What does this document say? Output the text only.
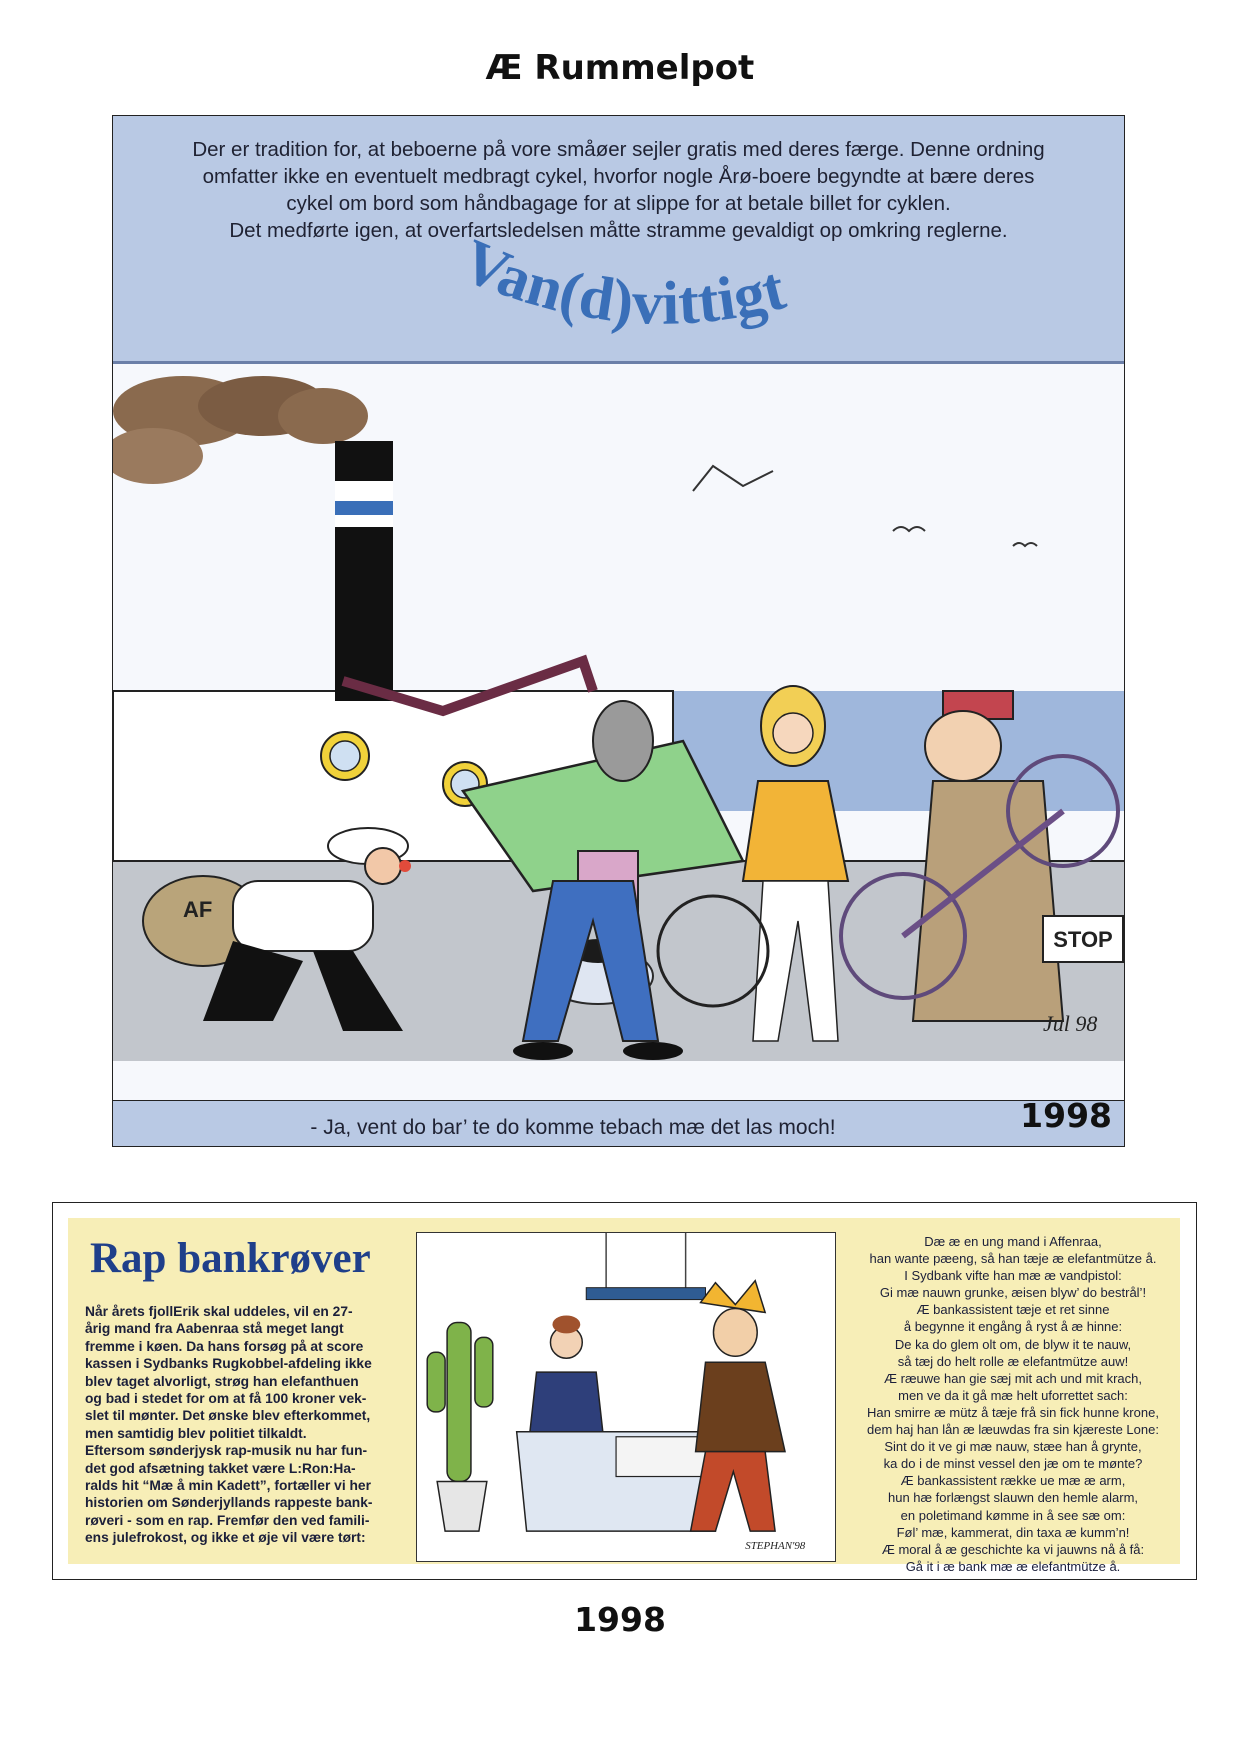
Æ Rummelpot
Der er tradition for, at beboerne på vore småøer sejler gratis med deres færge. Denne ordning
omfatter ikke en eventuelt medbragt cykel, hvorfor nogle Årø-boere begyndte at bære deres
cykel om bord som håndbagage for at slippe for at betale billet for cyklen.
Det medførte igen, at overfartsledelsen måtte stramme gevaldigt op omkring reglerne.
AF
STOP
Jul 98
Van(d)vittigt
- Ja, vent do bar’ te do komme tebach mæ det las moch!	1998
Rap bankrøver
Når årets fjollErik skal uddeles, vil en 27-
årig mand fra Aabenraa stå meget langt
fremme i køen. Da hans forsøg på at score
kassen i Sydbanks Rugkobbel-afdeling ikke
blev taget alvorligt, strøg han elefanthuen
og bad i stedet for om at få 100 kroner vek-
slet til mønter. Det ønske blev efterkommet,
men samtidig blev politiet tilkaldt.
Eftersom sønderjysk rap-musik nu har fun-
det god afsætning takket være L:Ron:Ha-
ralds hit “Mæ å min Kadett”, fortæller vi her
historien om Sønderjyllands rappeste bank-
røveri - som en rap. Fremfør den ved famili-
ens julefrokost, og ikke et øje vil være tørt:
STEPHAN'98
Dæ æ en ung mand i Affenraa,
han wante pæeng, så han tæje æ elefantmütze å.
I Sydbank vifte han mæ æ vandpistol:
Gi mæ nauwn grunke, æisen blyw’ do bestrål’!
Æ bankassistent tæje et ret sinne
å begynne it engång å ryst å æ hinne:
De ka do glem olt om, de blyw it te nauw,
så tæj do helt rolle æ elefantmütze auw!
Æ ræuwe han gie sæj mit ach und mit krach,
men ve da it gå mæ helt uforrettet sach:
Han smirre æ mütz å tæje frå sin fick hunne krone,
dem haj han lån æ læuwdas fra sin kjæreste Lone:
Sint do it ve gi mæ nauw, stæe han å grynte,
ka do i de minst vessel den jæ om te mønte?
Æ bankassistent række ue mæ æ arm,
hun hæ forlængst slauwn den hemle alarm,
en poletimand kømme in å see sæ om:
Føl’ mæ, kammerat, din taxa æ kumm’n!
Æ moral å æ geschichte ka vi jauwns nå å få:
Gå it i æ bank mæ æ elefantmütze å.
1998
